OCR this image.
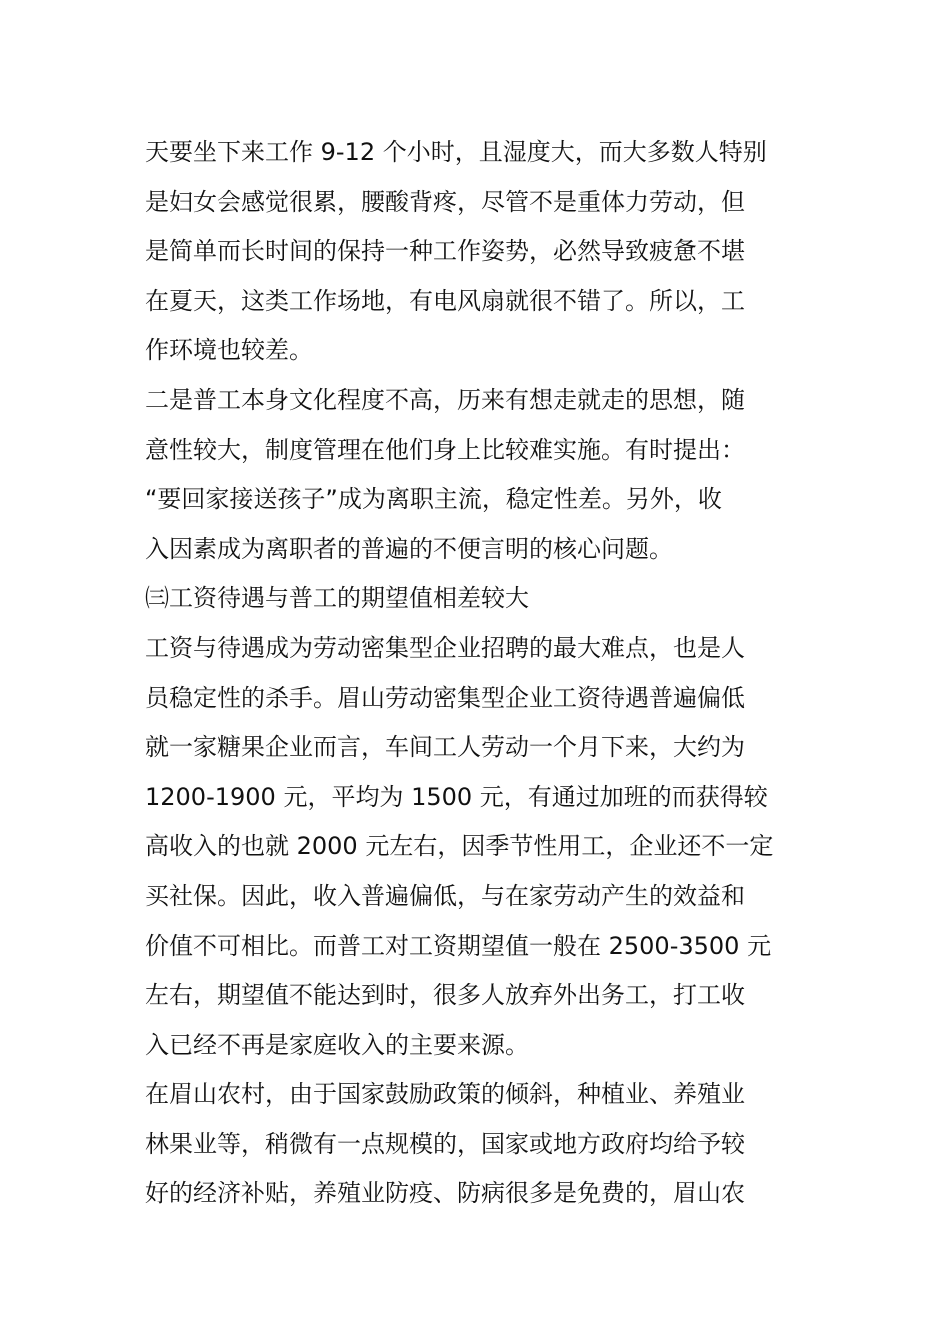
天要坐下来工作 9-12 个小时，且湿度大，而大多数人特别
是妇女会感觉很累，腰酸背疼，尽管不是重体力劳动，但
是简单而长时间的保持一种工作姿势，必然导致疲惫不堪
在夏天，这类工作场地，有电风扇就很不错了。所以，工
作环境也较差。
二是普工本身文化程度不高，历来有想走就走的思想，随
意性较大，制度管理在他们身上比较难实施。有时提出：
“要回家接送孩子”成为离职主流，稳定性差。另外，收
入因素成为离职者的普遍的不便言明的核心问题。
㈢工资待遇与普工的期望值相差较大
工资与待遇成为劳动密集型企业招聘的最大难点，也是人
员稳定性的杀手。眉山劳动密集型企业工资待遇普遍偏低
就一家糖果企业而言，车间工人劳动一个月下来，大约为
1200-1900 元，平均为 1500 元，有通过加班的而获得较
高收入的也就 2000 元左右，因季节性用工，企业还不一定
买社保。因此，收入普遍偏低，与在家劳动产生的效益和
价值不可相比。而普工对工资期望值一般在 2500-3500 元
左右，期望值不能达到时，很多人放弃外出务工，打工收
入已经不再是家庭收入的主要来源。
在眉山农村，由于国家鼓励政策的倾斜，种植业、养殖业
林果业等，稍微有一点规模的，国家或地方政府均给予较
好的经济补贴，养殖业防疫、防病很多是免费的，眉山农
